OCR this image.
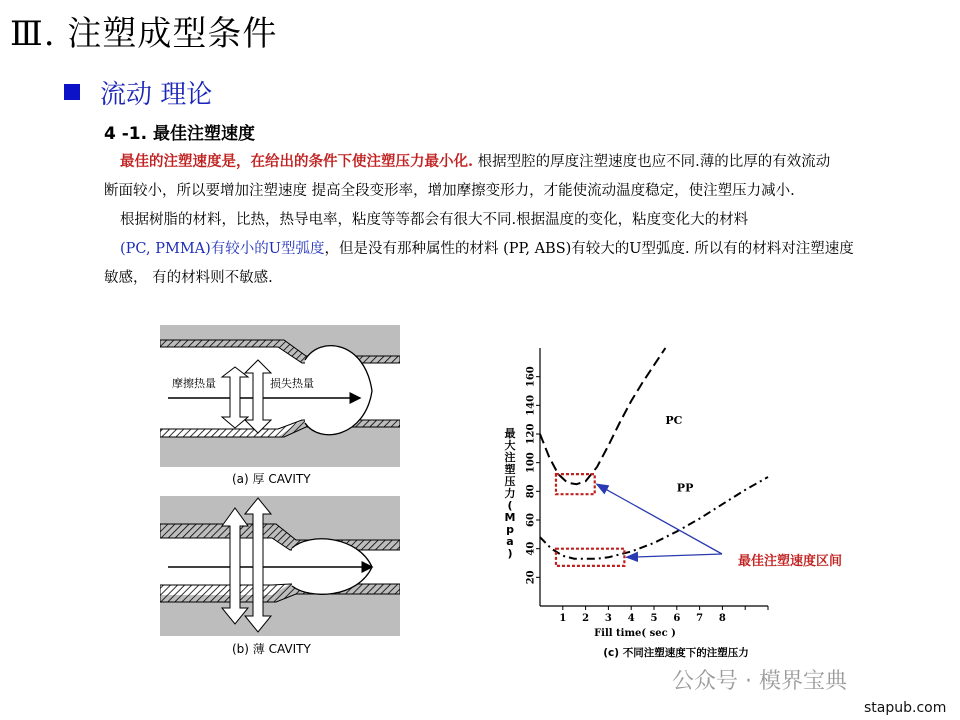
Ⅲ. 注塑成型条件
流动 理论
4 -1. 最佳注塑速度
最佳的注塑速度是，在给出的条件下使注塑压力最小化. 根据型腔的厚度注塑速度也应不同.薄的比厚的有效流动
断面较小，所以要增加注塑速度 提高全段变形率，增加摩擦变形力，才能使流动温度稳定，使注塑压力减小.
根据树脂的材料，比热，热导电率，粘度等等都会有很大不同.根据温度的变化，粘度变化大的材料
(PC, PMMA)有较小的U型弧度，但是没有那种属性的材料 (PP, ABS)有较大的U型弧度. 所以有的材料对注塑速度
敏感， 有的材料则不敏感.
摩擦热量	损失热量
(a) 厚 CAVITY
(b) 薄 CAVITY
20
40
60
80
100
120
140
160
1 2 3 4 5 6 7 8
PC
PP
Fill time( sec )
(c) 不同注塑速度下的注塑压力
最大注塑压力 ( Mpa )
公众号 · 模界宝典
stapub.com
最佳注塑速度区间
